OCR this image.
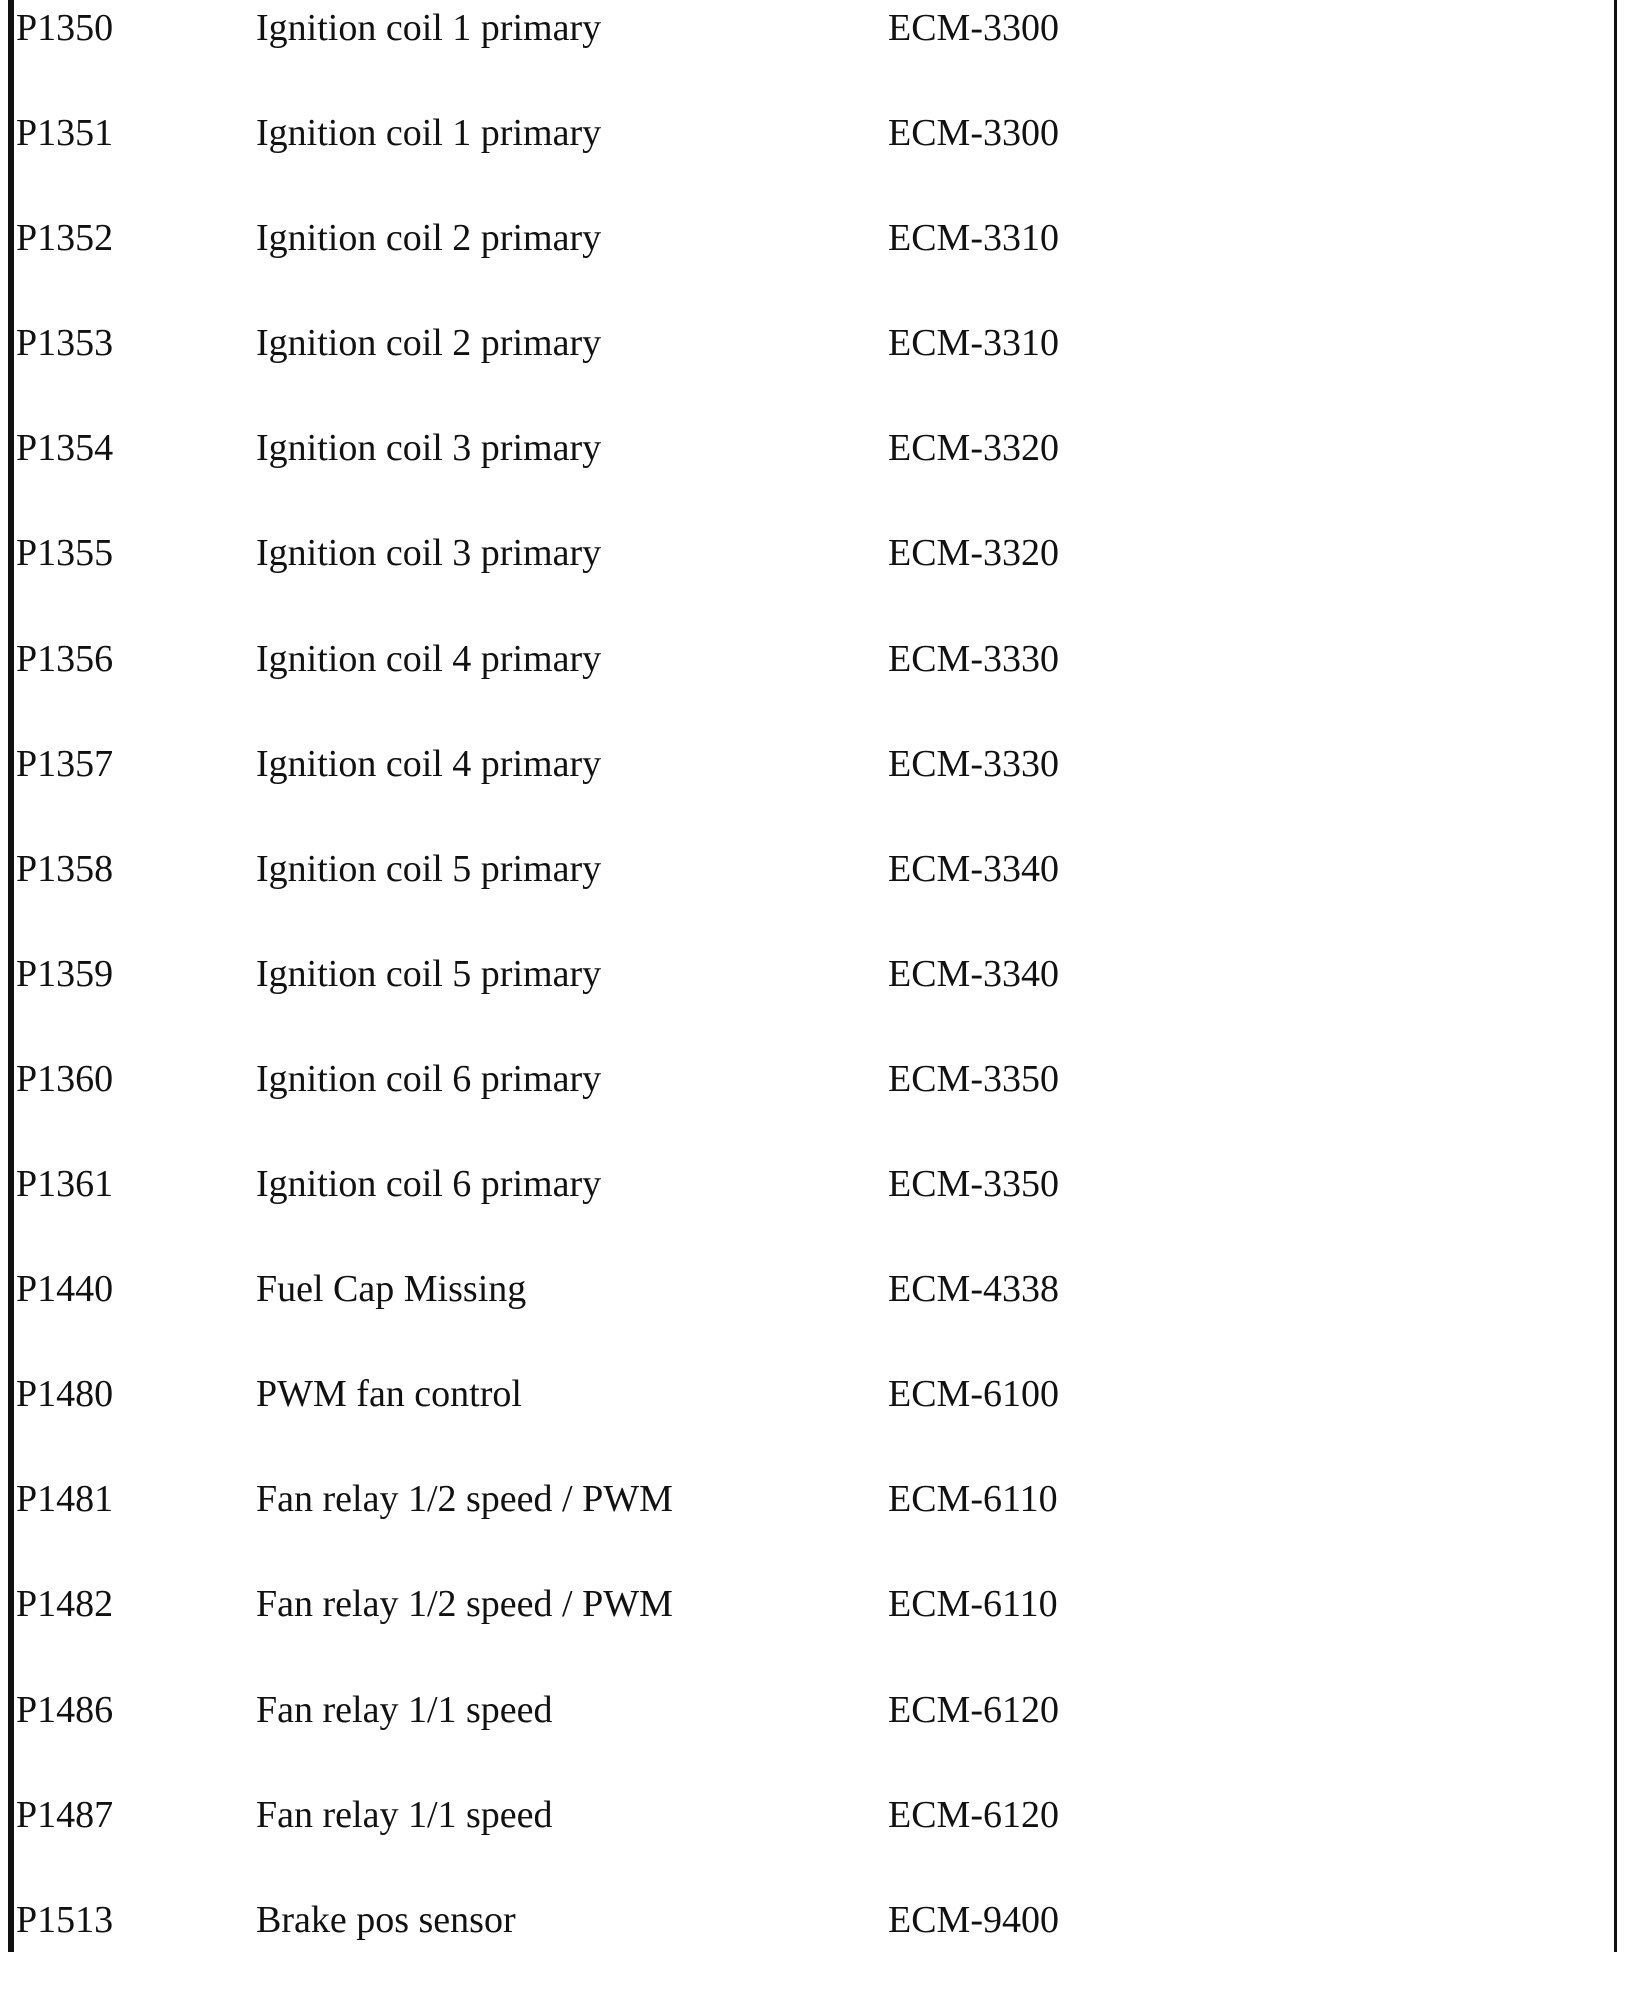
P1350	Ignition coil 1 primary	ECM-3300
P1351	Ignition coil 1 primary	ECM-3300
P1352	Ignition coil 2 primary	ECM-3310
P1353	Ignition coil 2 primary	ECM-3310
P1354	Ignition coil 3 primary	ECM-3320
P1355	Ignition coil 3 primary	ECM-3320
P1356	Ignition coil 4 primary	ECM-3330
P1357	Ignition coil 4 primary	ECM-3330
P1358	Ignition coil 5 primary	ECM-3340
P1359	Ignition coil 5 primary	ECM-3340
P1360	Ignition coil 6 primary	ECM-3350
P1361	Ignition coil 6 primary	ECM-3350
P1440	Fuel Cap Missing	ECM-4338
P1480	PWM fan control	ECM-6100
P1481	Fan relay 1/2 speed / PWM	ECM-6110
P1482	Fan relay 1/2 speed / PWM	ECM-6110
P1486	Fan relay 1/1 speed	ECM-6120
P1487	Fan relay 1/1 speed	ECM-6120
P1513	Brake pos sensor	ECM-9400
